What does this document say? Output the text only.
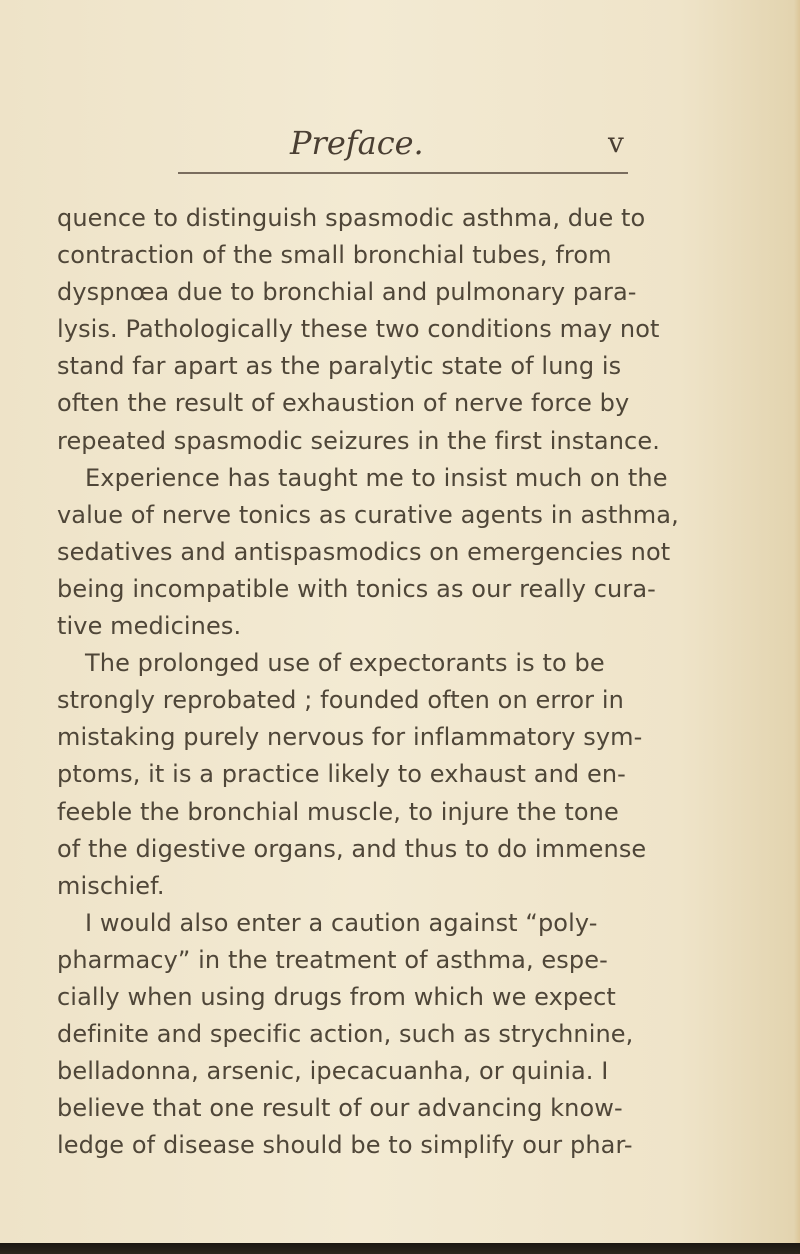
Preface.	v
quence to distinguish spasmodic asthma, due to
contraction of the small bronchial tubes, from
dyspnœa due to bronchial and pulmonary para-
lysis. Pathologically these two conditions may not
stand far apart as the paralytic state of lung is
often the result of exhaustion of nerve force by
repeated spasmodic seizures in the first instance.
Experience has taught me to insist much on the
value of nerve tonics as curative agents in asthma,
sedatives and antispasmodics on emergencies not
being incompatible with tonics as our really cura-
tive medicines.
The prolonged use of expectorants is to be
strongly reprobated ; founded often on error in
mistaking purely nervous for inflammatory sym-
ptoms, it is a practice likely to exhaust and en-
feeble the bronchial muscle, to injure the tone
of the digestive organs, and thus to do immense
mischief.
I would also enter a caution against “poly-
pharmacy” in the treatment of asthma, espe-
cially when using drugs from which we expect
definite and specific action, such as strychnine,
belladonna, arsenic, ipecacuanha, or quinia. I
believe that one result of our advancing know-
ledge of disease should be to simplify our phar-
